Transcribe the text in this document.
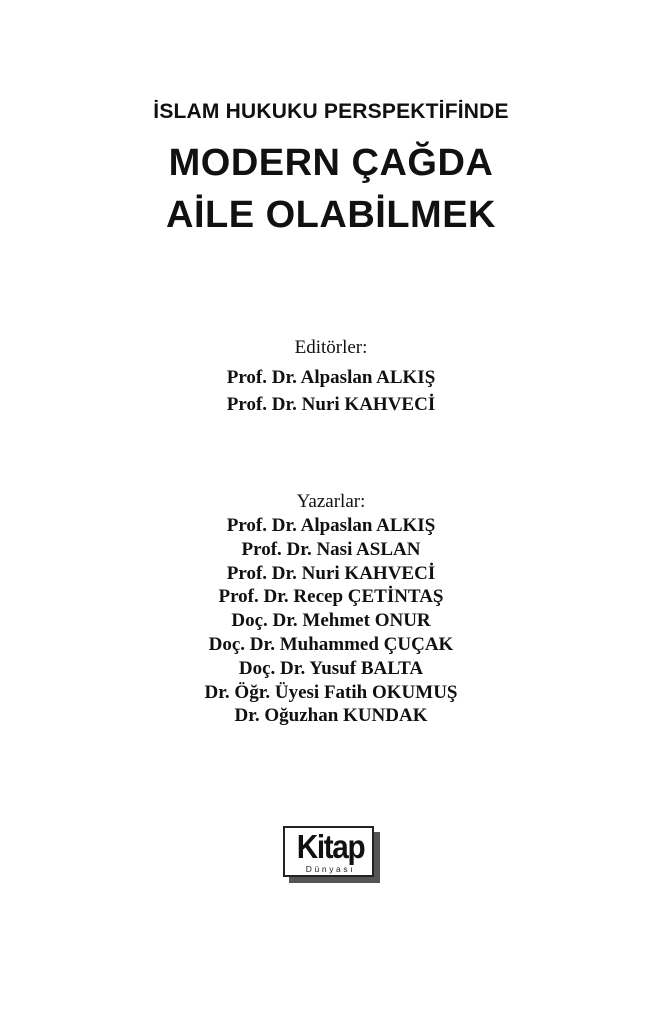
İSLAM HUKUKU PERSPEKTİFİNDE
MODERN ÇAĞDA
AİLE OLABİLMEK
Editörler:
Prof. Dr. Alpaslan ALKIŞ
Prof. Dr. Nuri KAHVECİ
Yazarlar:
Prof. Dr. Alpaslan ALKIŞ
Prof. Dr. Nasi ASLAN
Prof. Dr. Nuri KAHVECİ
Prof. Dr. Recep ÇETİNTAŞ
Doç. Dr. Mehmet ONUR
Doç. Dr. Muhammed ÇUÇAK
Doç. Dr. Yusuf BALTA
Dr. Öğr. Üyesi Fatih OKUMUŞ
Dr. Oğuzhan KUNDAK
Kitap
Dünyası
